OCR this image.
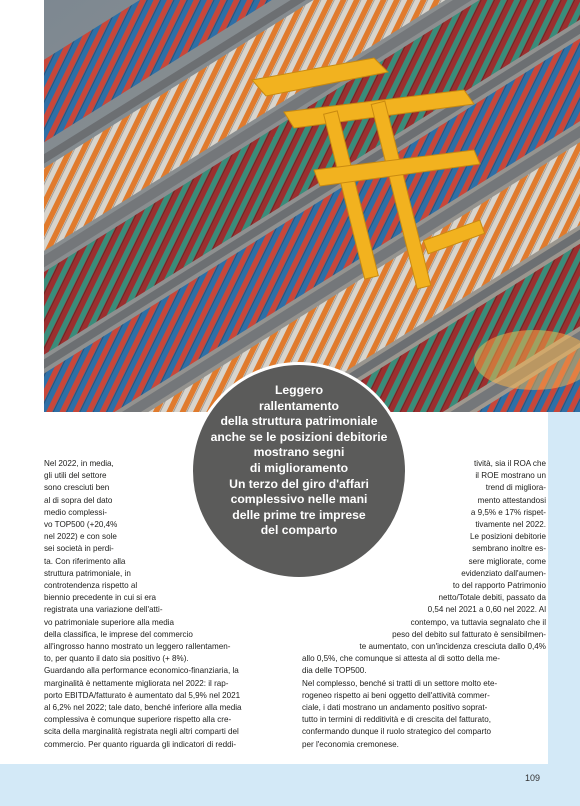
Leggero
rallentamento
della struttura patrimoniale
anche se le posizioni debitorie
mostrano segni
di miglioramento
Un terzo del giro d'affari
complessivo nelle mani
delle prime tre imprese
del comparto
Nel 2022, in media,
gli utili del settore
sono cresciuti ben
al di sopra del dato
medio complessi-
vo TOP500 (+20,4%
nel 2022) e con sole
sei società in perdi-
ta. Con riferimento alla
struttura patrimoniale, in
controtendenza rispetto al
biennio precedente in cui si era
registrata una variazione dell'atti-
vo patrimoniale superiore alla media
della classifica, le imprese del commercio
all'ingrosso hanno mostrato un leggero rallentamen-
to, per quanto il dato sia positivo (+ 8%).
Guardando alla performance economico-finanziaria, la
marginalità è nettamente migliorata nel 2022: il rap-
porto EBITDA/fatturato è aumentato dal 5,9% nel 2021
al 6,2% nel 2022; tale dato, benché inferiore alla media
complessiva è comunque superiore rispetto alla cre-
scita della marginalità registrata negli altri comparti del
commercio. Per quanto riguarda gli indicatori di reddi-
tività, sia il ROA che
il ROE mostrano un
trend di migliora-
mento attestandosi
a 9,5% e 17% rispet-
tivamente nel 2022.
Le posizioni debitorie
sembrano inoltre es-
sere migliorate, come
evidenziato dall'aumen-
to del rapporto Patrimonio
netto/Totale debiti, passato da
0,54 nel 2021 a 0,60 nel 2022. Al
contempo, va tuttavia segnalato che il
peso del debito sul fatturato è sensibilmen-
te aumentato, con un'incidenza cresciuta dallo 0,4%
allo 0,5%, che comunque si attesta al di sotto della me-
dia delle TOP500.
Nel complesso, benché si tratti di un settore molto ete-
rogeneo rispetto ai beni oggetto dell'attività commer-
ciale, i dati mostrano un andamento positivo soprat-
tutto in termini di redditività e di crescita del fatturato,
confermando dunque il ruolo strategico del comparto
per l'economia cremonese.
109
